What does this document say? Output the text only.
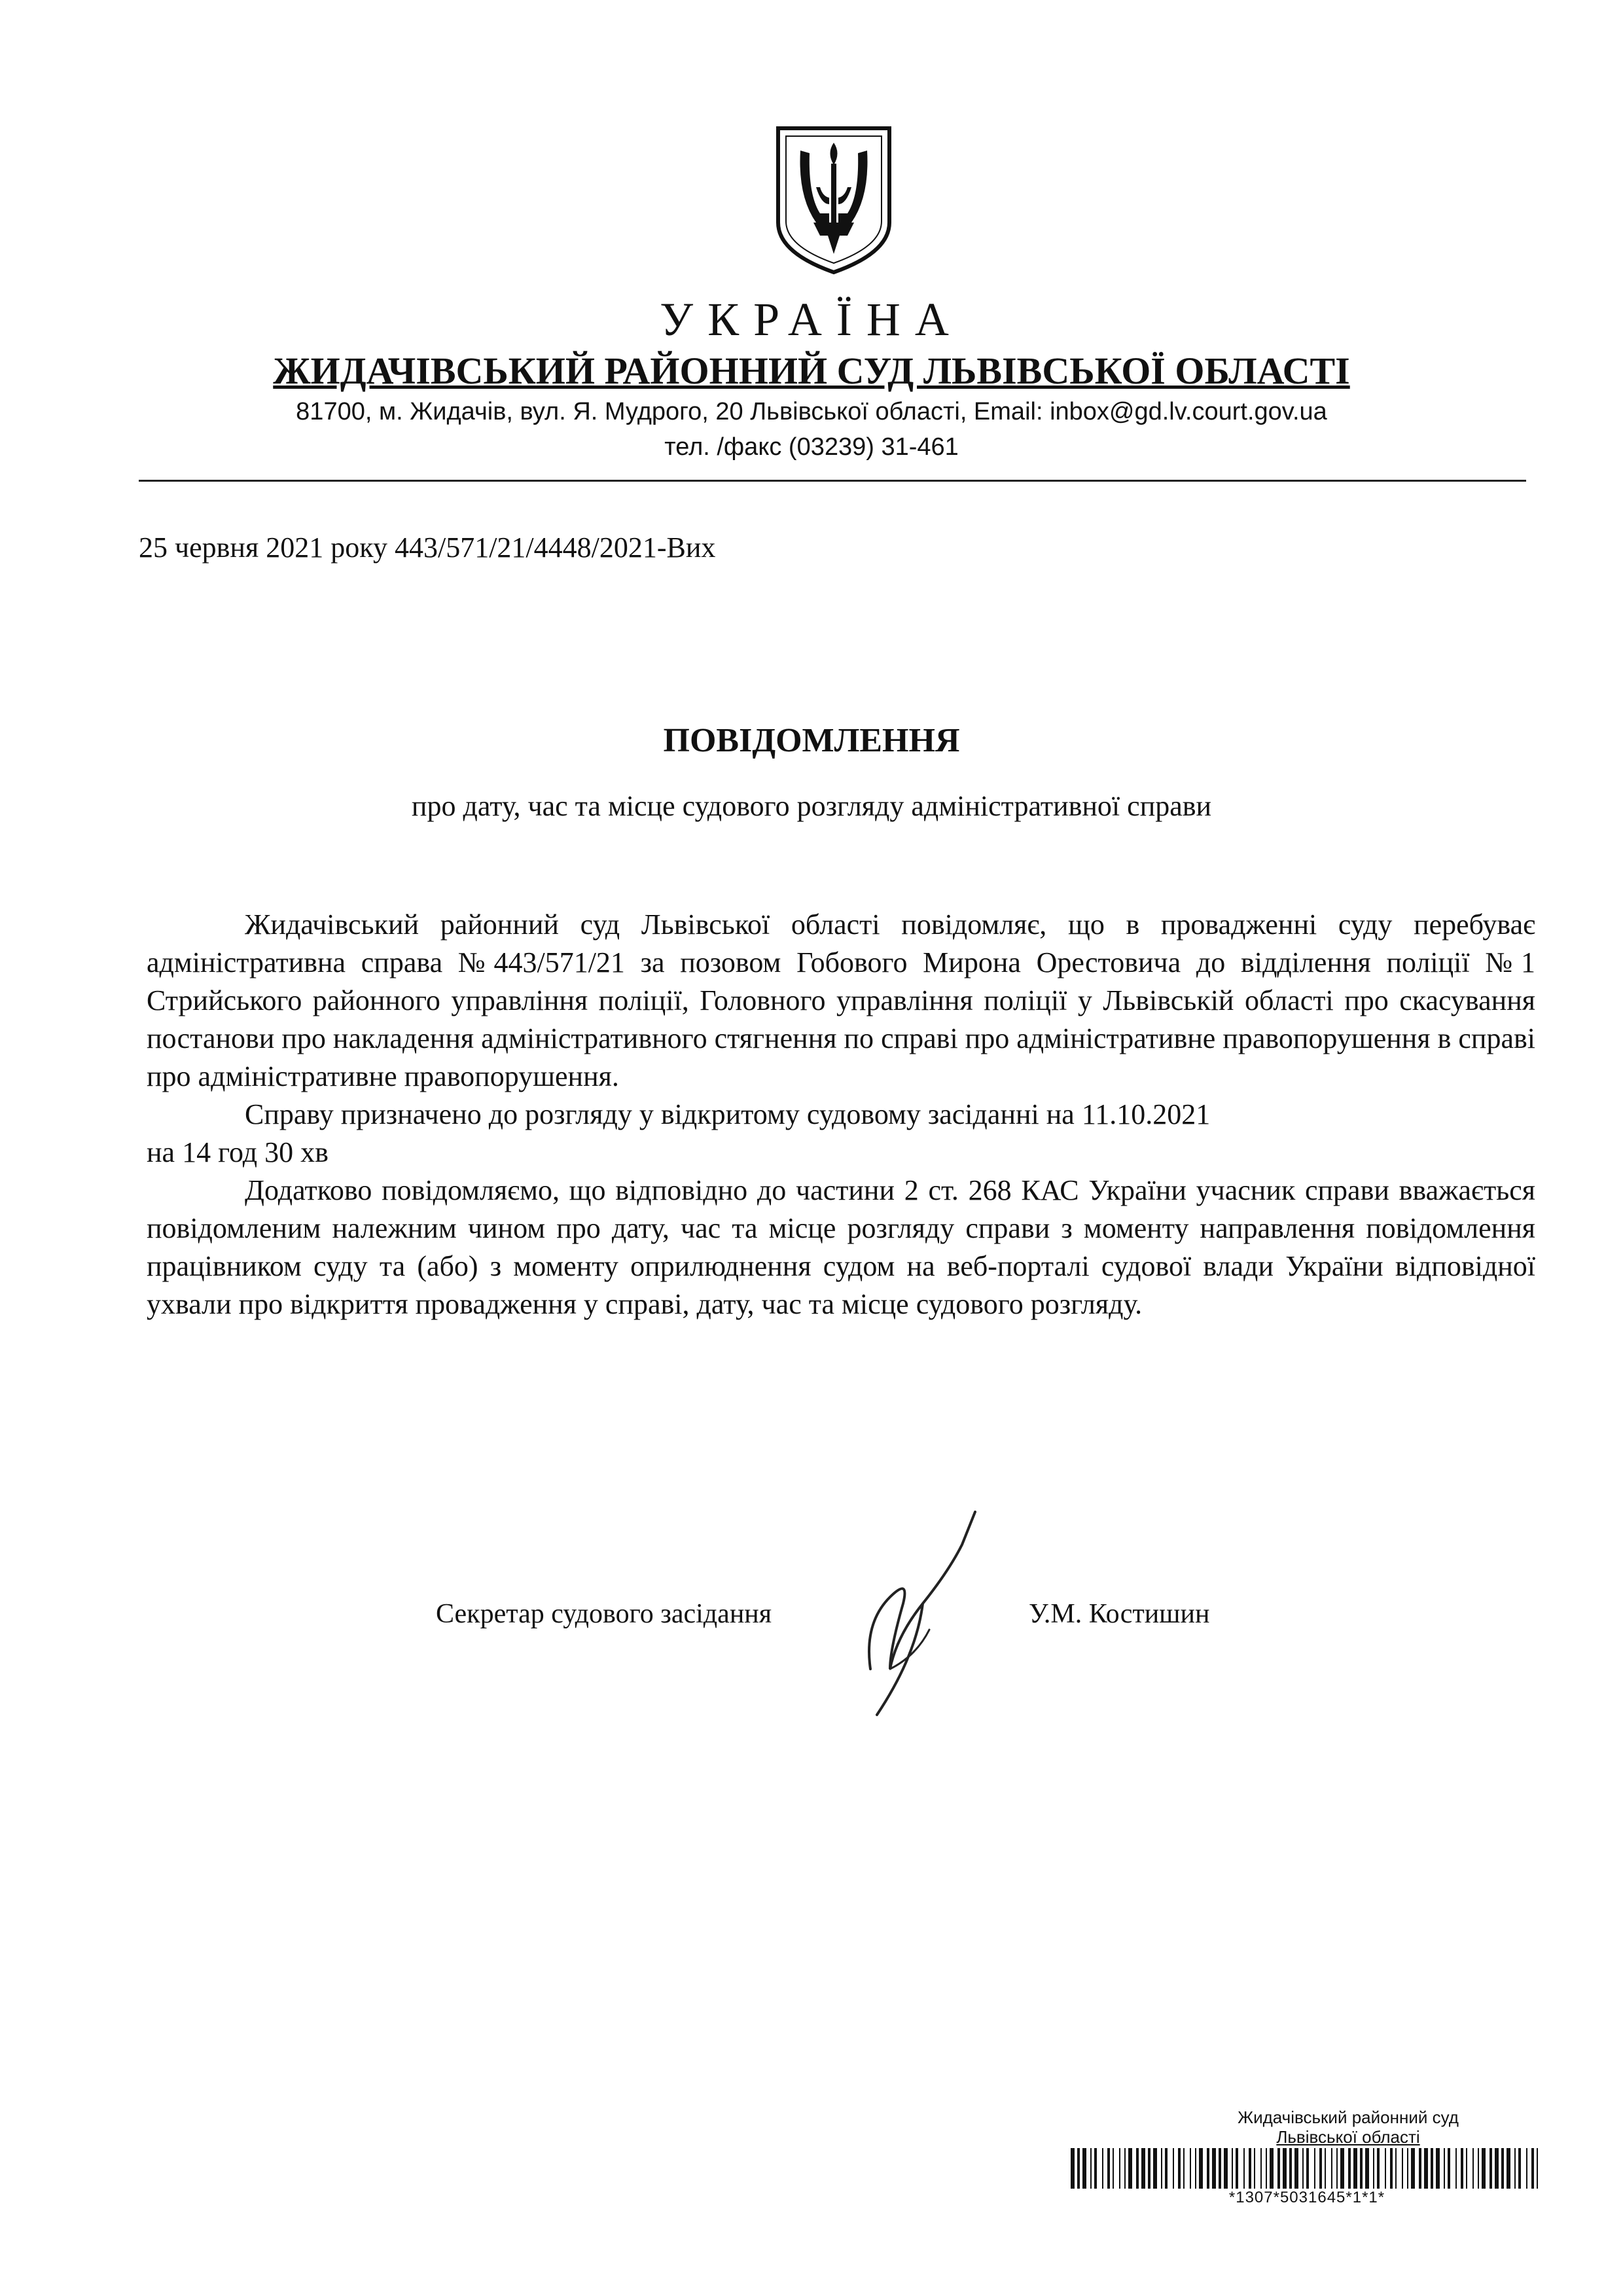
УКРАЇНА
ЖИДАЧІВСЬКИЙ РАЙОННИЙ СУД ЛЬВІВСЬКОЇ ОБЛАСТІ
81700, м. Жидачів, вул. Я. Мудрого, 20 Львівської області, Email: inbox@gd.lv.court.gov.ua
тел. /факс (03239) 31-461
25 червня 2021 року 443/571/21/4448/2021-Вих
ПОВІДОМЛЕННЯ
про дату, час та місце судового розгляду адміністративної справи

Жидачівський районний суд Львівської області повідомляє, що в провадженні суду перебуває адміністративна справа №443/571/21 за позовом Гобового Мирона Орестовича до відділення поліції №1 Стрийського районного управління поліції, Головного управління поліції у Львівській області про скасування постанови про накладення адміністративного стягнення по справі про адміністративне правопорушення в справі про адміністративне правопорушення.

Справу призначено до розгляду у відкритому судовому засіданні на 11.10.2021

на 14 год 30 хв

Додатково повідомляємо, що відповідно до частини 2 ст. 268 КАС України учасник справи вважається повідомленим належним чином про дату, час та місце розгляду справи з моменту направлення повідомлення працівником суду та (або) з моменту оприлюднення судом на веб-порталі судової влади України відповідної ухвали про відкриття провадження у справі, дату, час та місце судового розгляду.

Секретар судового засідання	У.М. Костишин
Жидачівський районний суд
Львівської області
*1307*5031645*1*1*
